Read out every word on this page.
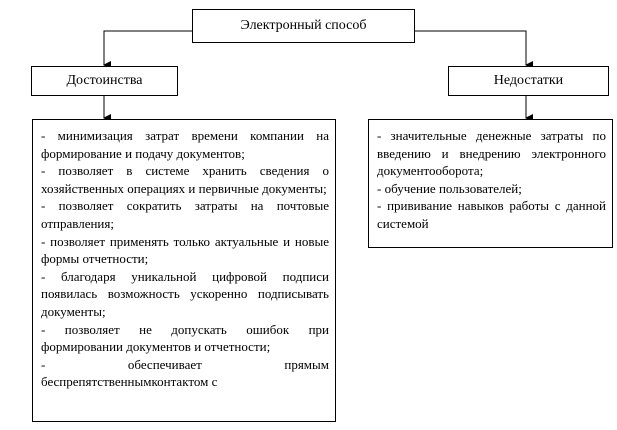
Электронный способ
Достоинства	Недостатки

- минимизация затрат времени компании на формирование и подачу документов;

- позволяет в системе хранить сведения о хозяйственных операциях и первичные документы;

- позволяет сократить затраты на почтовые отправления;

- позволяет применять только актуальные и новые формы отчетности;

- благодаря уникальной цифровой подписи появилась возможность ускоренно подписывать документы;

- позволяет не допускать ошибок при формировании документов и отчетности;

- обеспечивает прямым беспрепятственнымконтактом с

- значительные денежные затраты по введению и внедрению электронного документооборота;

- обучение пользователей;

- прививание навыков работы с данной системой
